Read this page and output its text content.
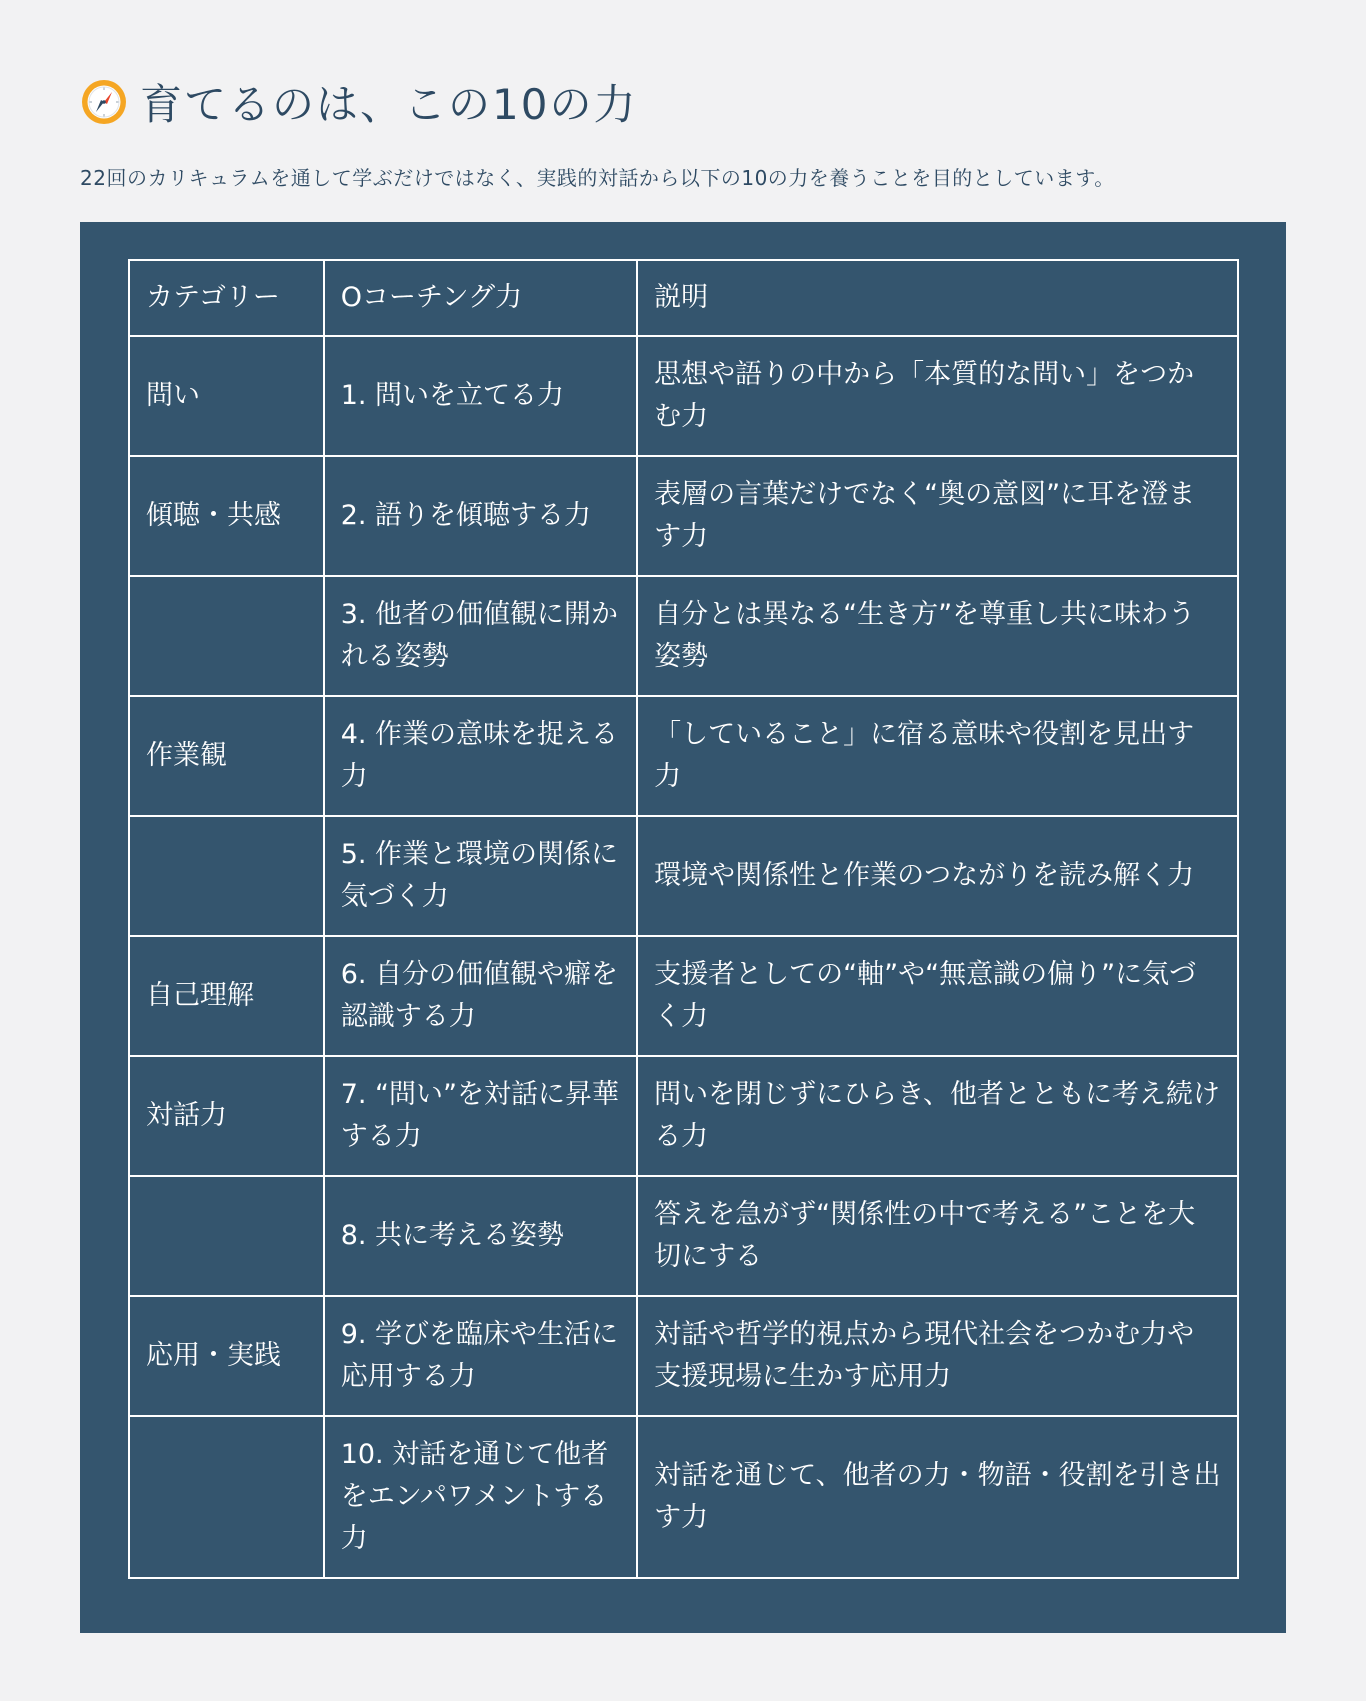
育てるのは、この10の力
22回のカリキュラムを通して学ぶだけではなく、実践的対話から以下の10の力を養うことを目的としています。
カテゴリー	Oコーチング力	説明
問い	1. 問いを立てる力	思想や語りの中から「本質的な問い」をつかむ力
傾聴・共感	2. 語りを傾聴する力	表層の言葉だけでなく“奥の意図”に耳を澄ます力
	3. 他者の価値観に開かれる姿勢	自分とは異なる“生き方”を尊重し共に味わう姿勢
作業観	4. 作業の意味を捉える力	「していること」に宿る意味や役割を見出す力
	5. 作業と環境の関係に気づく力	環境や関係性と作業のつながりを読み解く力
自己理解	6. 自分の価値観や癖を認識する力	支援者としての“軸”や“無意識の偏り”に気づく力
対話力	7. “問い”を対話に昇華する力	問いを閉じずにひらき、他者とともに考え続ける力
	8. 共に考える姿勢	答えを急がず“関係性の中で考える”ことを大切にする
応用・実践	9. 学びを臨床や生活に応用する力	対話や哲学的視点から現代社会をつかむ力や支援現場に生かす応用力
	10. 対話を通じて他者をエンパワメントする力	対話を通じて、他者の力・物語・役割を引き出す力
